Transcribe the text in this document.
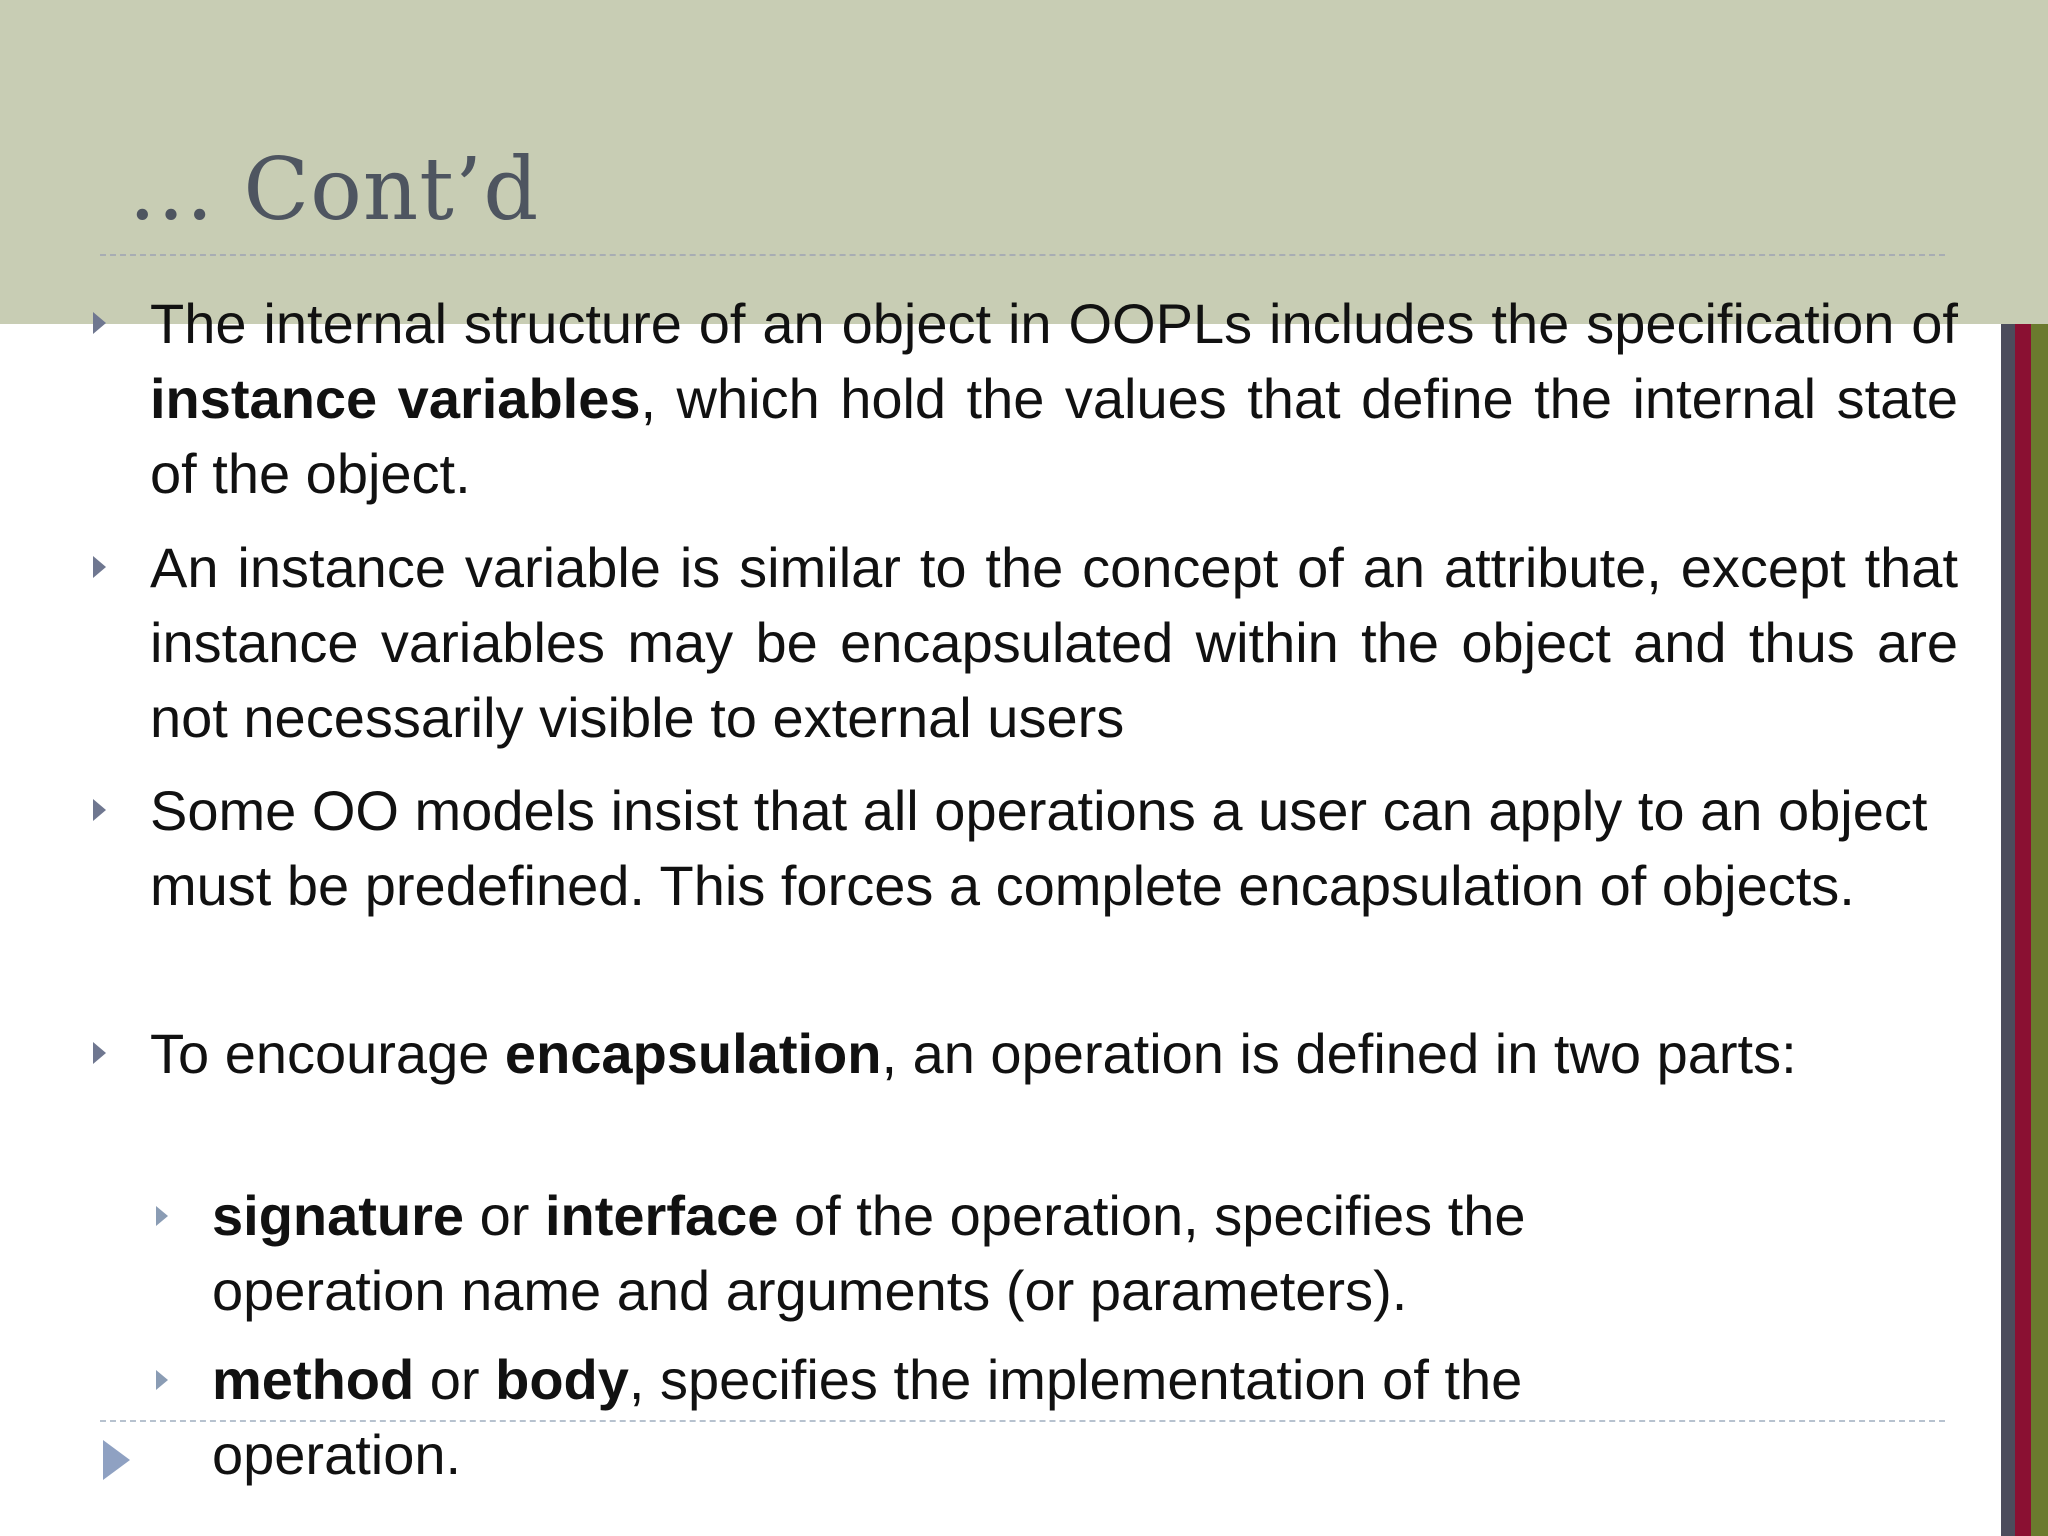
… Cont’d
The internal structure of an object in OOPLs includes the specification of instance variables, which hold the values that define the internal state of the object.
An instance variable is similar to the concept of an attribute, except that instance variables may be encapsulated within the object and thus are not necessarily visible to external users
Some OO models insist that all operations a user can apply to an object must be predefined. This forces a complete encapsulation of objects.
To encourage encapsulation, an operation is defined in two parts:
signature or interface of the operation, specifies the operation name and arguments (or parameters).
method or body, specifies the implementation of the operation.
